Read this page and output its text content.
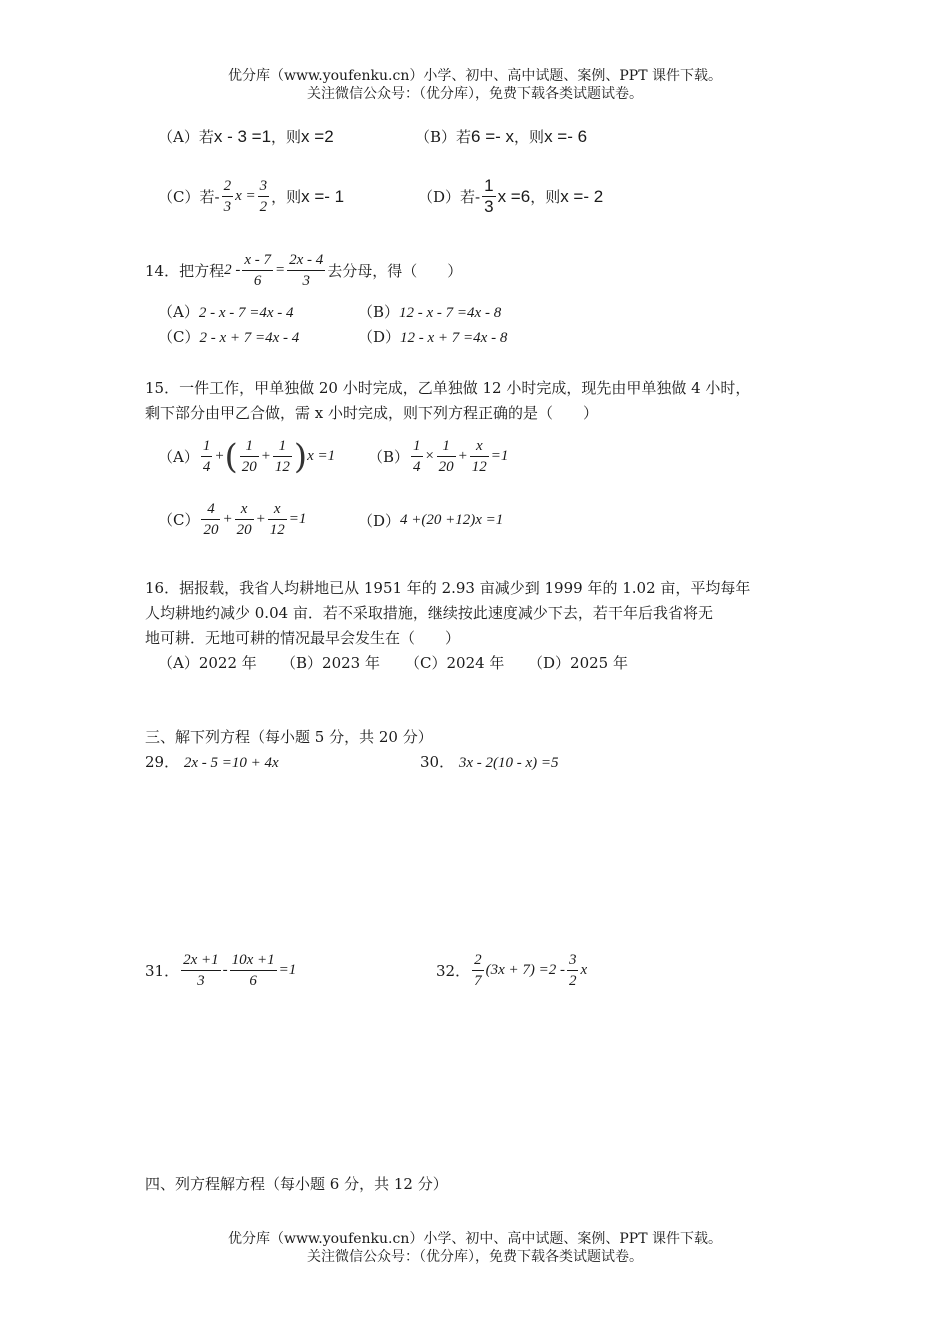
优分库（www.youfenku.cn）小学、初中、高中试题、案例、PPT 课件下载。
关注微信公众号：（优分库），免费下载各类试题试卷。
（A） 若 x - 3 =1 ，则 x =2	（B） 若 6 =- x ，则 x =- 6
（C） 若- $\frac{2}{3}$ $x = \frac{3}{2}$ ，则 x =- 1	（D） 若- $\frac{1}{3}$ x =6 ，则 x =- 2
14．把方程 $2 - \frac{x - 7}{6} = \frac{2x - 4}{3}$ 去分母，得（　　）
（A）2 - x - 7 =4x - 4	（B）12 - x - 7 =4x - 8
（C）2 - x + 7 =4x - 4	（D）12 - x + 7 =4x - 8
15．一件工作，甲单独做 20 小时完成，乙单独做 12 小时完成，现先由甲单独做 4 小时，
剩下部分由甲乙合做，需 x 小时完成，则下列方程正确的是（　　）
$(A) \frac{1}{4}$ + ( $\frac{1}{20} + \frac{1}{12}$ ) x =1 $(B) \frac{1}{4} \times \frac{1}{20} + \frac{x}{12} =1$
$(C) \frac{4}{20} + \frac{x}{20} + \frac{x}{12} =1$	（D） 4 +(20 +12)x =1
16．据报载，我省人均耕地已从 1951 年的 2.93 亩减少到 1999 年的 1.02 亩，平均每年
人均耕地约减少 0.04 亩．若不采取措施，继续按此速度减少下去，若干年后我省将无
地可耕．无地可耕的情况最早会发生在（　　）
（A）2022 年 （B）2023 年 （C）2024 年 （D）2025 年
三、解下列方程（每小题 5 分，共 20 分）
29． 2x - 5 =10 + 4x	30． 3x - 2(10 - x) =5
31． $\frac{2x +1}{3} - \frac{10x +1}{6} =1$	32． $\frac{2}{7} (3x + 7) =2 - \frac{3}{2}$ x
四、列方程解方程（每小题 6 分，共 12 分）
优分库（www.youfenku.cn）小学、初中、高中试题、案例、PPT 课件下载。
关注微信公众号：（优分库），免费下载各类试题试卷。
